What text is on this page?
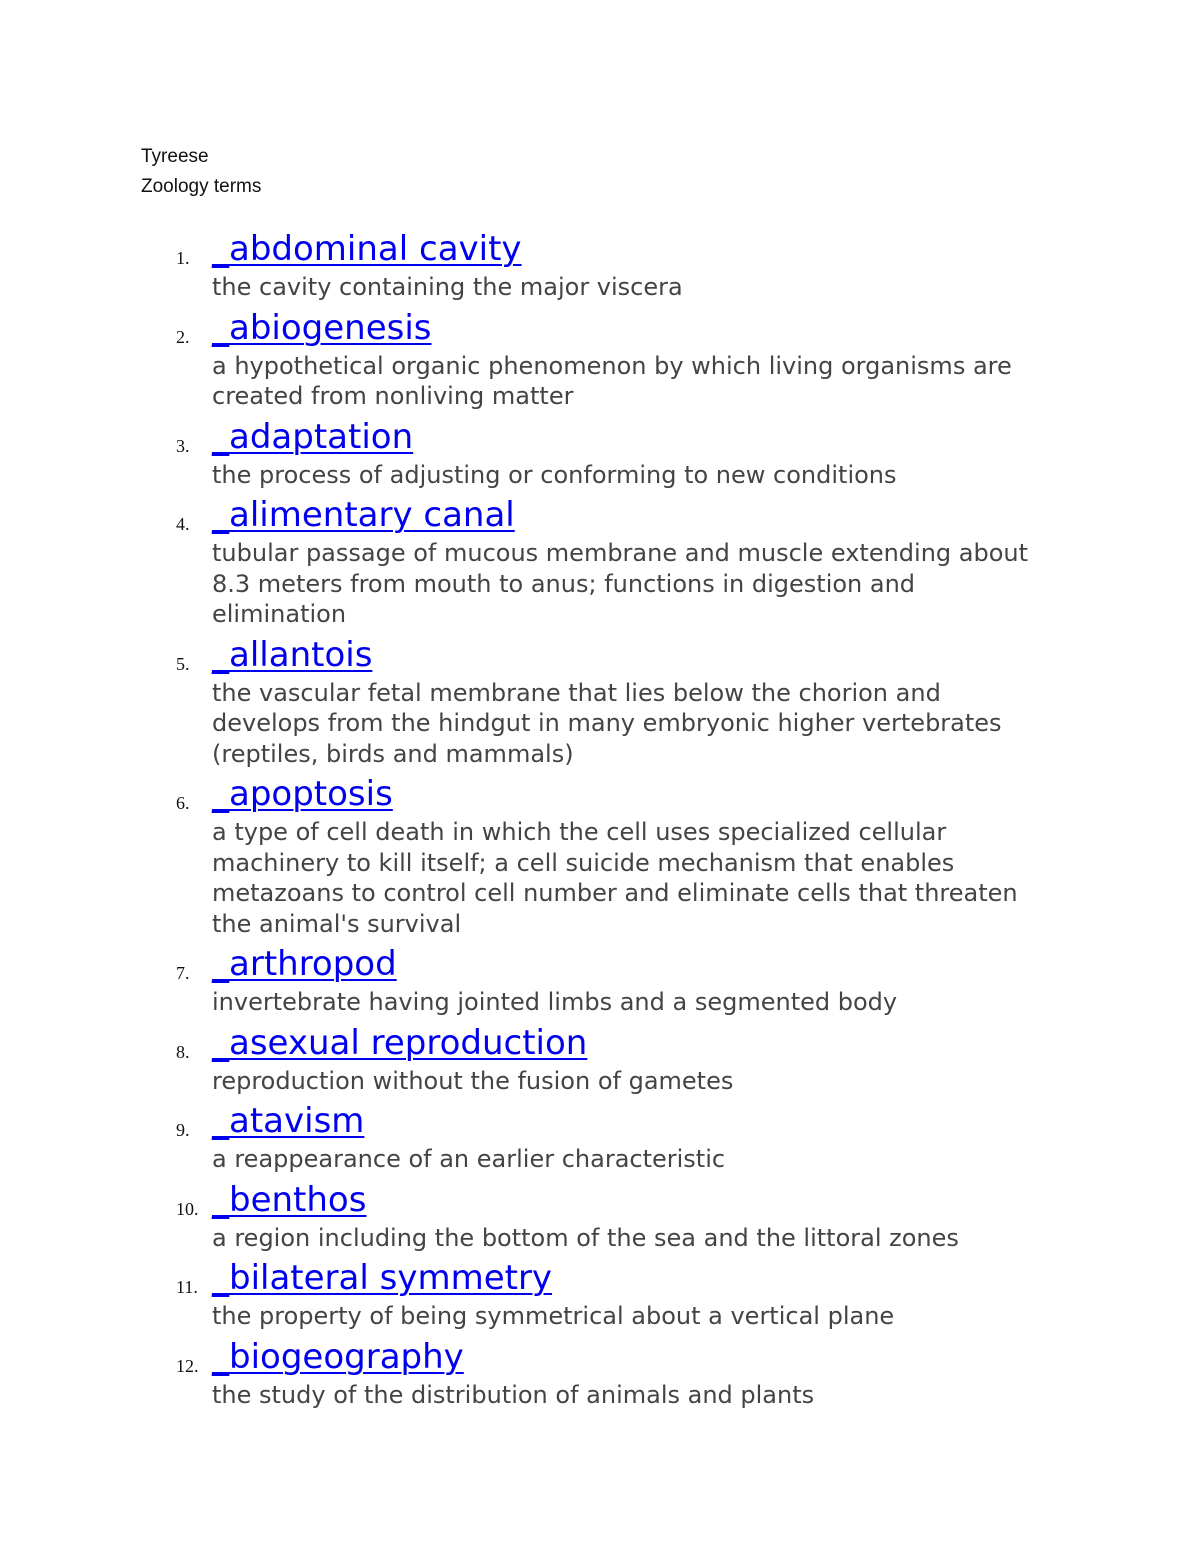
Tyreese
Zoology terms
1. _abdominal cavity
the cavity containing the major viscera
2. _abiogenesis
a hypothetical organic phenomenon by which living organisms are created from nonliving matter
3. _adaptation
the process of adjusting or conforming to new conditions
4. _alimentary canal
tubular passage of mucous membrane and muscle extending about 8.3 meters from mouth to anus; functions in digestion and elimination
5. _allantois
the vascular fetal membrane that lies below the chorion and develops from the hindgut in many embryonic higher vertebrates (reptiles, birds and mammals)
6. _apoptosis
a type of cell death in which the cell uses specialized cellular machinery to kill itself; a cell suicide mechanism that enables metazoans to control cell number and eliminate cells that threaten the animal's survival
7. _arthropod
invertebrate having jointed limbs and a segmented body
8. _asexual reproduction
reproduction without the fusion of gametes
9. _atavism
a reappearance of an earlier characteristic
10. _benthos
a region including the bottom of the sea and the littoral zones
11. _bilateral symmetry
the property of being symmetrical about a vertical plane
12. _biogeography
the study of the distribution of animals and plants
